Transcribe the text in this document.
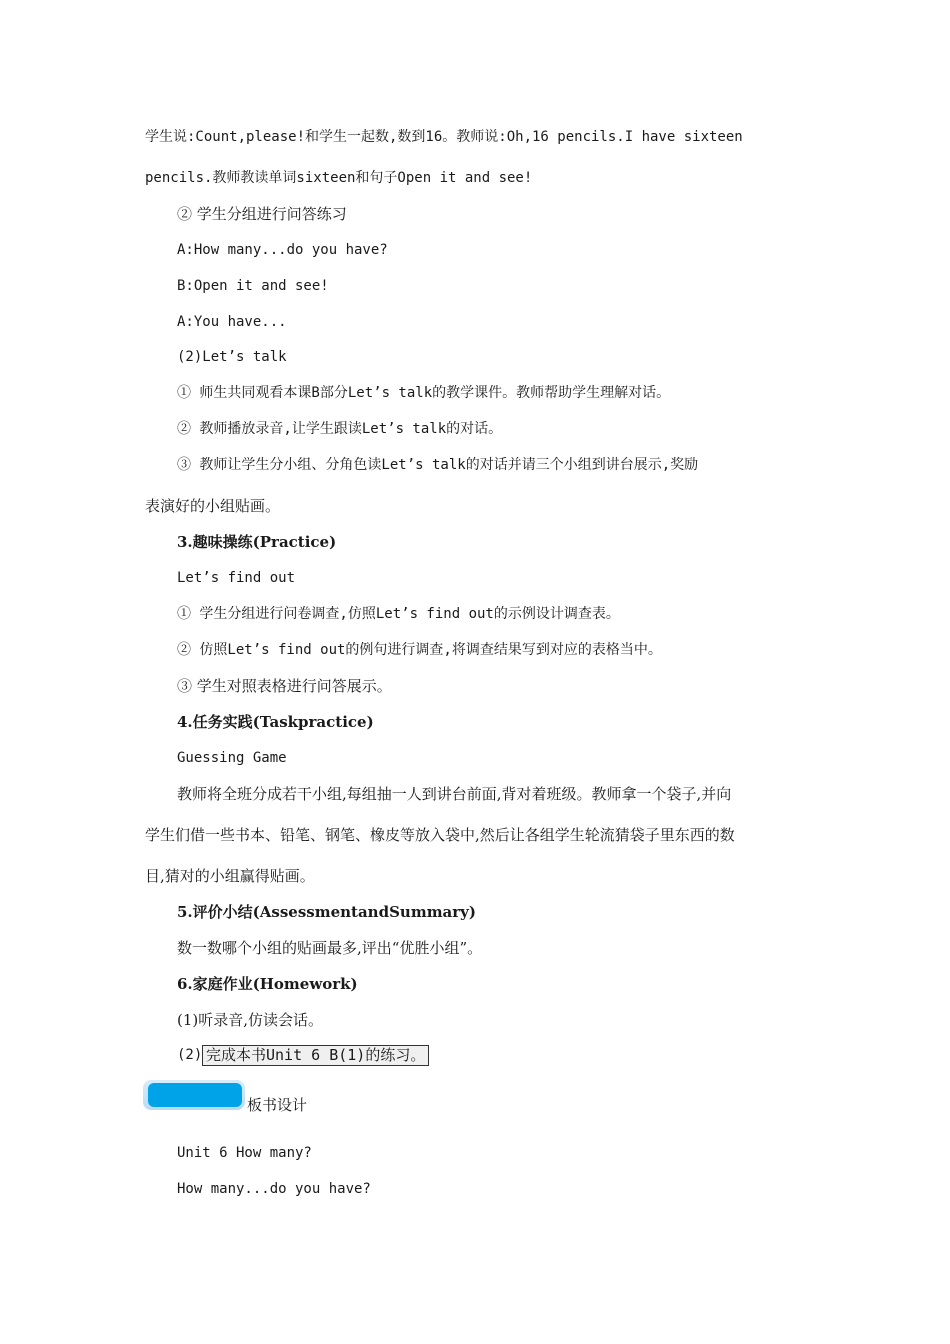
学生说:Count,please!和学生一起数,数到16。教师说:Oh,16 pencils.I have sixteen
pencils.教师教读单词sixteen和句子Open it and see!
② 学生分组进行问答练习
A:How many...do you have?
B:Open it and see!
A:You have...
(2)Let’s talk
① 师生共同观看本课B部分Let’s talk的教学课件。教师帮助学生理解对话。
② 教师播放录音,让学生跟读Let’s talk的对话。
③ 教师让学生分小组、分角色读Let’s talk的对话并请三个小组到讲台展示,奖励
表演好的小组贴画。
3.趣味操练(Practice)
Let’s find out
① 学生分组进行问卷调查,仿照Let’s find out的示例设计调查表。
② 仿照Let’s find out的例句进行调查,将调查结果写到对应的表格当中。
③ 学生对照表格进行问答展示。
4.任务实践(Taskpractice)
Guessing Game
教师将全班分成若干小组,每组抽一人到讲台前面,背对着班级。教师拿一个袋子,并向
学生们借一些书本、铅笔、钢笔、橡皮等放入袋中,然后让各组学生轮流猜袋子里东西的数
目,猜对的小组赢得贴画。
5.评价小结(AssessmentandSummary)
数一数哪个小组的贴画最多,评出“优胜小组”。
6.家庭作业(Homework)
(1)听录音,仿读会话。
(2) 完成本书Unit 6 B(1)的练习。
板书设计
Unit 6 How many?
How many...do you have?
